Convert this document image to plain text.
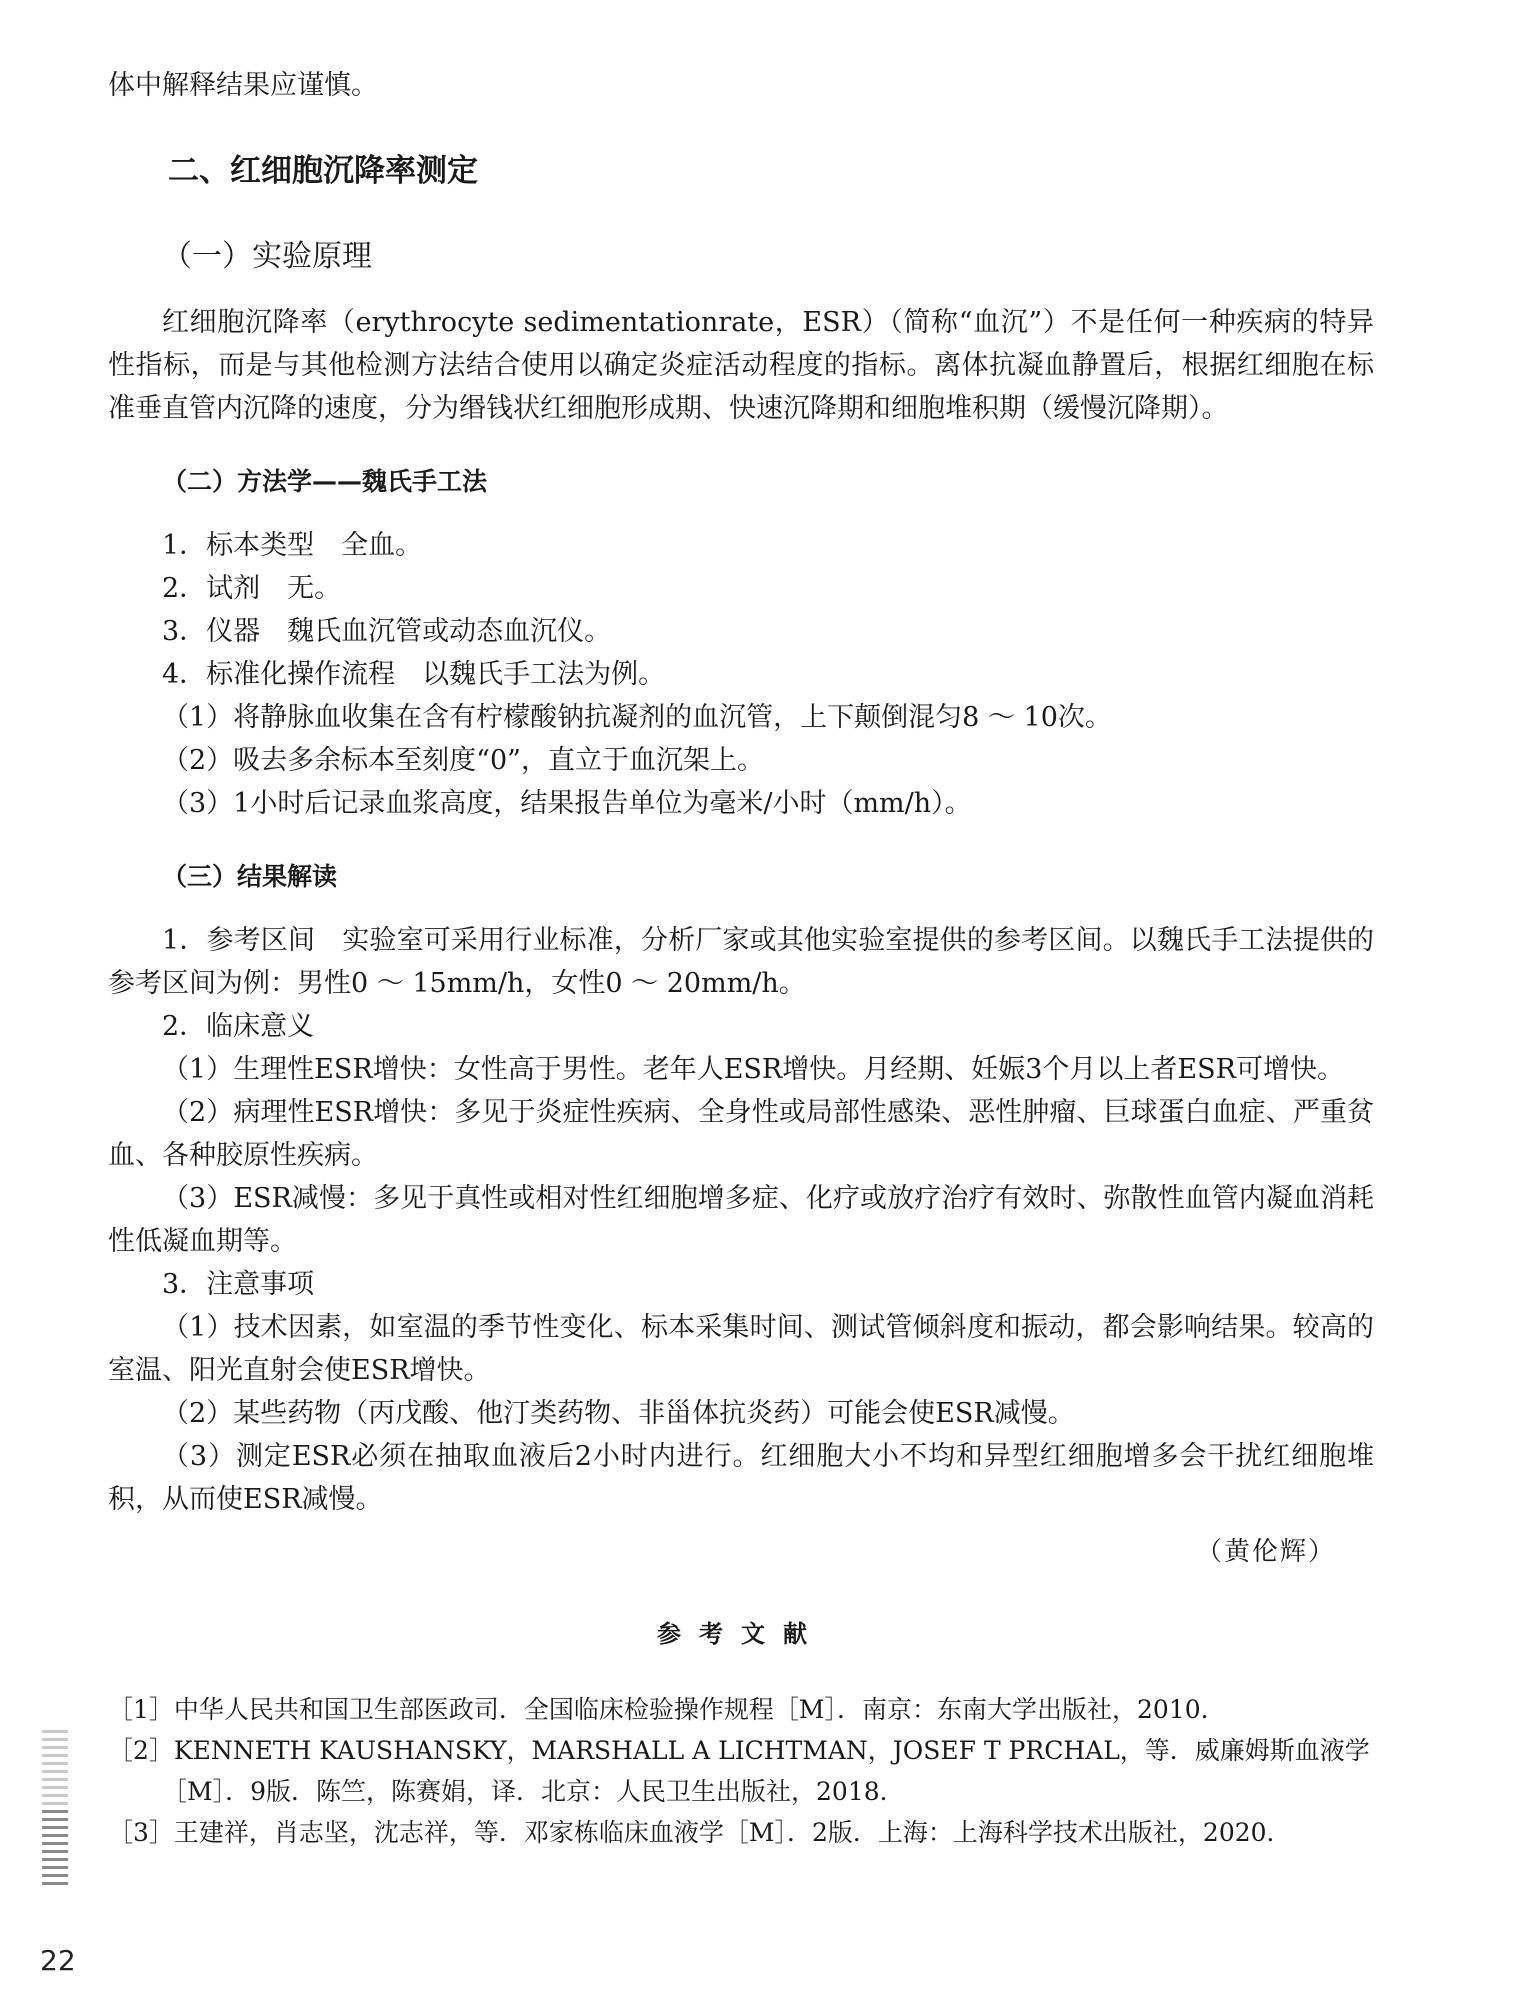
体中解释结果应谨慎。

二、红细胞沉降率测定

（一）实验原理

红细胞沉降率（erythrocyte sedimentationrate，ESR）（简称“血沉”）不是任何一种疾病的特异性指标，而是与其他检测方法结合使用以确定炎症活动程度的指标。离体抗凝血静置后，根据红细胞在标准垂直管内沉降的速度，分为缗钱状红细胞形成期、快速沉降期和细胞堆积期（缓慢沉降期）。

（二）方法学——魏氏手工法

1．标本类型　全血。

2．试剂　无。

3．仪器　魏氏血沉管或动态血沉仪。

4．标准化操作流程　以魏氏手工法为例。

（1）将静脉血收集在含有柠檬酸钠抗凝剂的血沉管，上下颠倒混匀8 ～ 10次。

（2）吸去多余标本至刻度“0”，直立于血沉架上。

（3）1小时后记录血浆高度，结果报告单位为毫米/小时（mm/h）。

（三）结果解读

1．参考区间　实验室可采用行业标准，分析厂家或其他实验室提供的参考区间。以魏氏手工法提供的参考区间为例：男性0 ～ 15mm/h，女性0 ～ 20mm/h。

2．临床意义

（1）生理性ESR增快：女性高于男性。老年人ESR增快。月经期、妊娠3个月以上者ESR可增快。

（2）病理性ESR增快：多见于炎症性疾病、全身性或局部性感染、恶性肿瘤、巨球蛋白血症、严重贫血、各种胶原性疾病。

（3）ESR减慢：多见于真性或相对性红细胞增多症、化疗或放疗治疗有效时、弥散性血管内凝血消耗性低凝血期等。

3．注意事项

（1）技术因素，如室温的季节性变化、标本采集时间、测试管倾斜度和振动，都会影响结果。较高的室温、阳光直射会使ESR增快。

（2）某些药物（丙戊酸、他汀类药物、非甾体抗炎药）可能会使ESR减慢。

（3）测定ESR必须在抽取血液后2小时内进行。红细胞大小不均和异型红细胞增多会干扰红细胞堆积，从而使ESR减慢。

（黄伦辉）

参考文献

［1］中华人民共和国卫生部医政司．全国临床检验操作规程［M］．南京：东南大学出版社，2010．

［2］KENNETH KAUSHANSKY，MARSHALL A LICHTMAN，JOSEF T PRCHAL，等．威廉姆斯血液学［M］．9版．陈竺，陈赛娟，译．北京：人民卫生出版社，2018．

［3］王建祥，肖志坚，沈志祥，等．邓家栋临床血液学［M］．2版．上海：上海科学技术出版社，2020．

22
